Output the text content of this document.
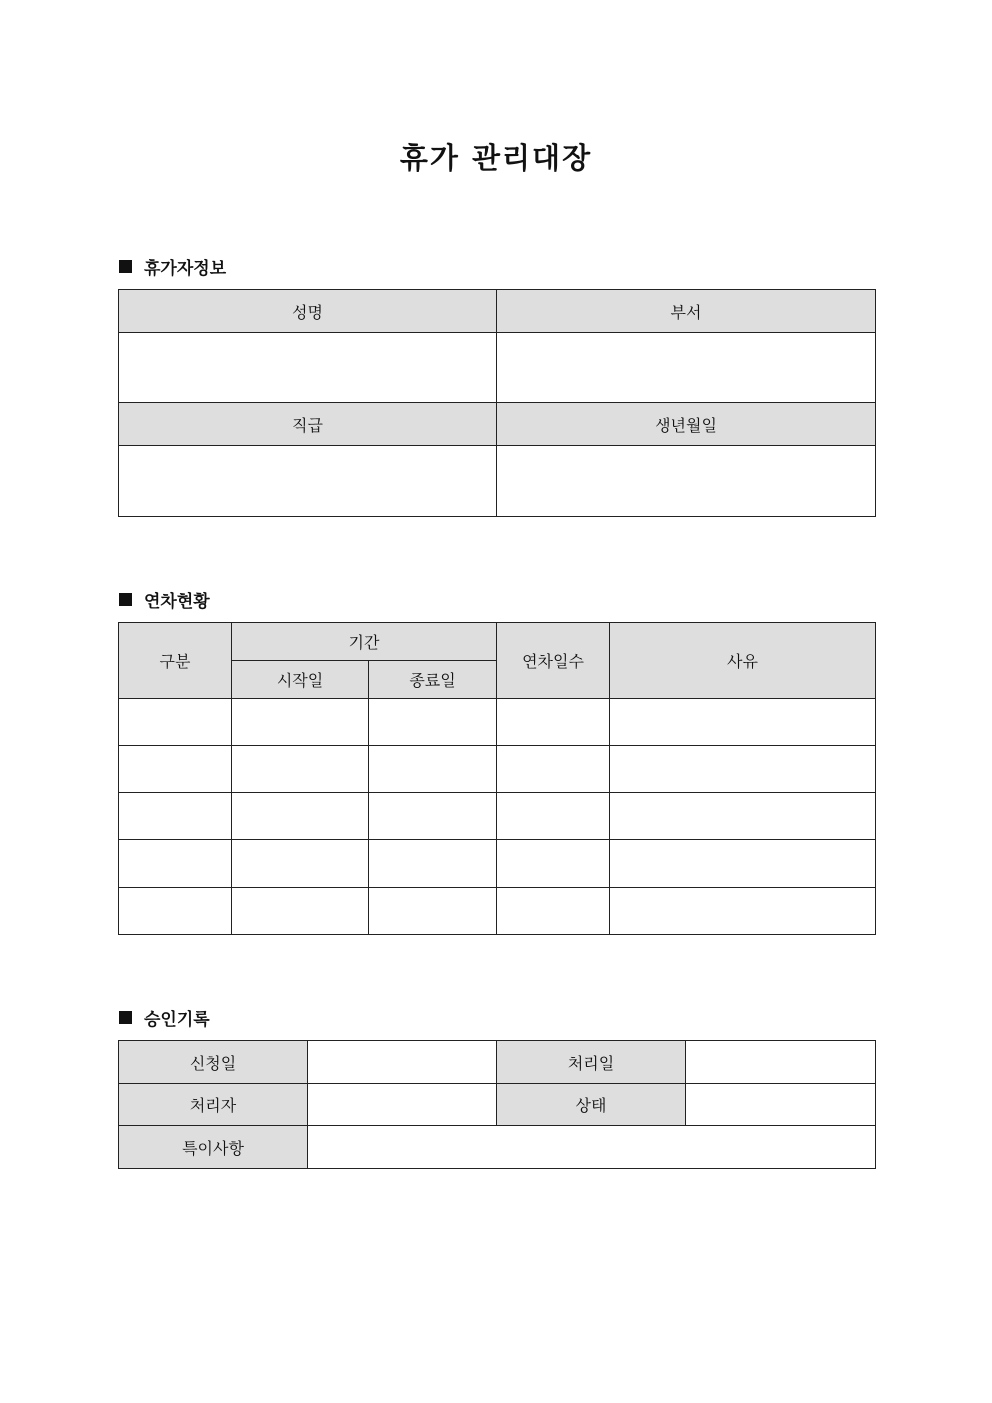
휴가 관리대장
휴가자정보
성명	부서

직급	생년월일

연차현황
구분	기간		연차일수	사유
	시작일	종료일		

승인기록
신청일		처리일	
처리자		상태	
특이사항			
